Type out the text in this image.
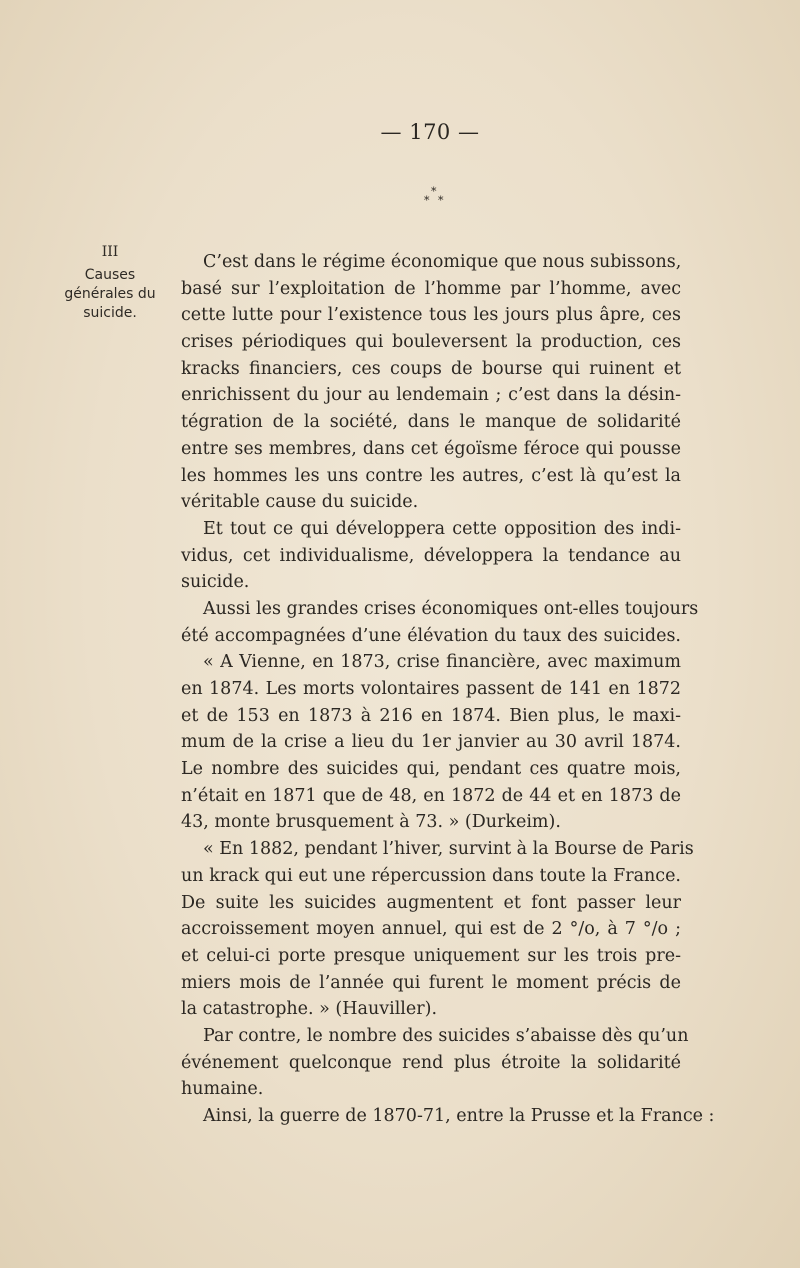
— 170 —
*
* *
III
Causes
générales du
suicide.
C’est dans le régime économique que nous subissons,
basé sur l’exploitation de l’homme par l’homme, avec
cette lutte pour l’existence tous les jours plus âpre, ces
crises périodiques qui bouleversent la production, ces
kracks financiers, ces coups de bourse qui ruinent et
enrichissent du jour au lendemain ; c’est dans la désin-
tégration de la société, dans le manque de solidarité
entre ses membres, dans cet égoïsme féroce qui pousse
les hommes les uns contre les autres, c’est là qu’est la
véritable cause du suicide.
Et tout ce qui développera cette opposition des indi-
vidus, cet individualisme, développera la tendance au
suicide.
Aussi les grandes crises économiques ont-elles toujours
été accompagnées d’une élévation du taux des suicides.
« A Vienne, en 1873, crise financière, avec maximum
en 1874. Les morts volontaires passent de 141 en 1872
et de 153 en 1873 à 216 en 1874. Bien plus, le maxi-
mum de la crise a lieu du 1er janvier au 30 avril 1874.
Le nombre des suicides qui, pendant ces quatre mois,
n’était en 1871 que de 48, en 1872 de 44 et en 1873 de
43, monte brusquement à 73. » (Durkeim).
« En 1882, pendant l’hiver, survint à la Bourse de Paris
un krack qui eut une répercussion dans toute la France.
De suite les suicides augmentent et font passer leur
accroissement moyen annuel, qui est de 2 °/o, à 7 °/o ;
et celui-ci porte presque uniquement sur les trois pre-
miers mois de l’année qui furent le moment précis de
la catastrophe. » (Hauviller).
Par contre, le nombre des suicides s’abaisse dès qu’un
événement quelconque rend plus étroite la solidarité
humaine.
Ainsi, la guerre de 1870-71, entre la Prusse et la France :
